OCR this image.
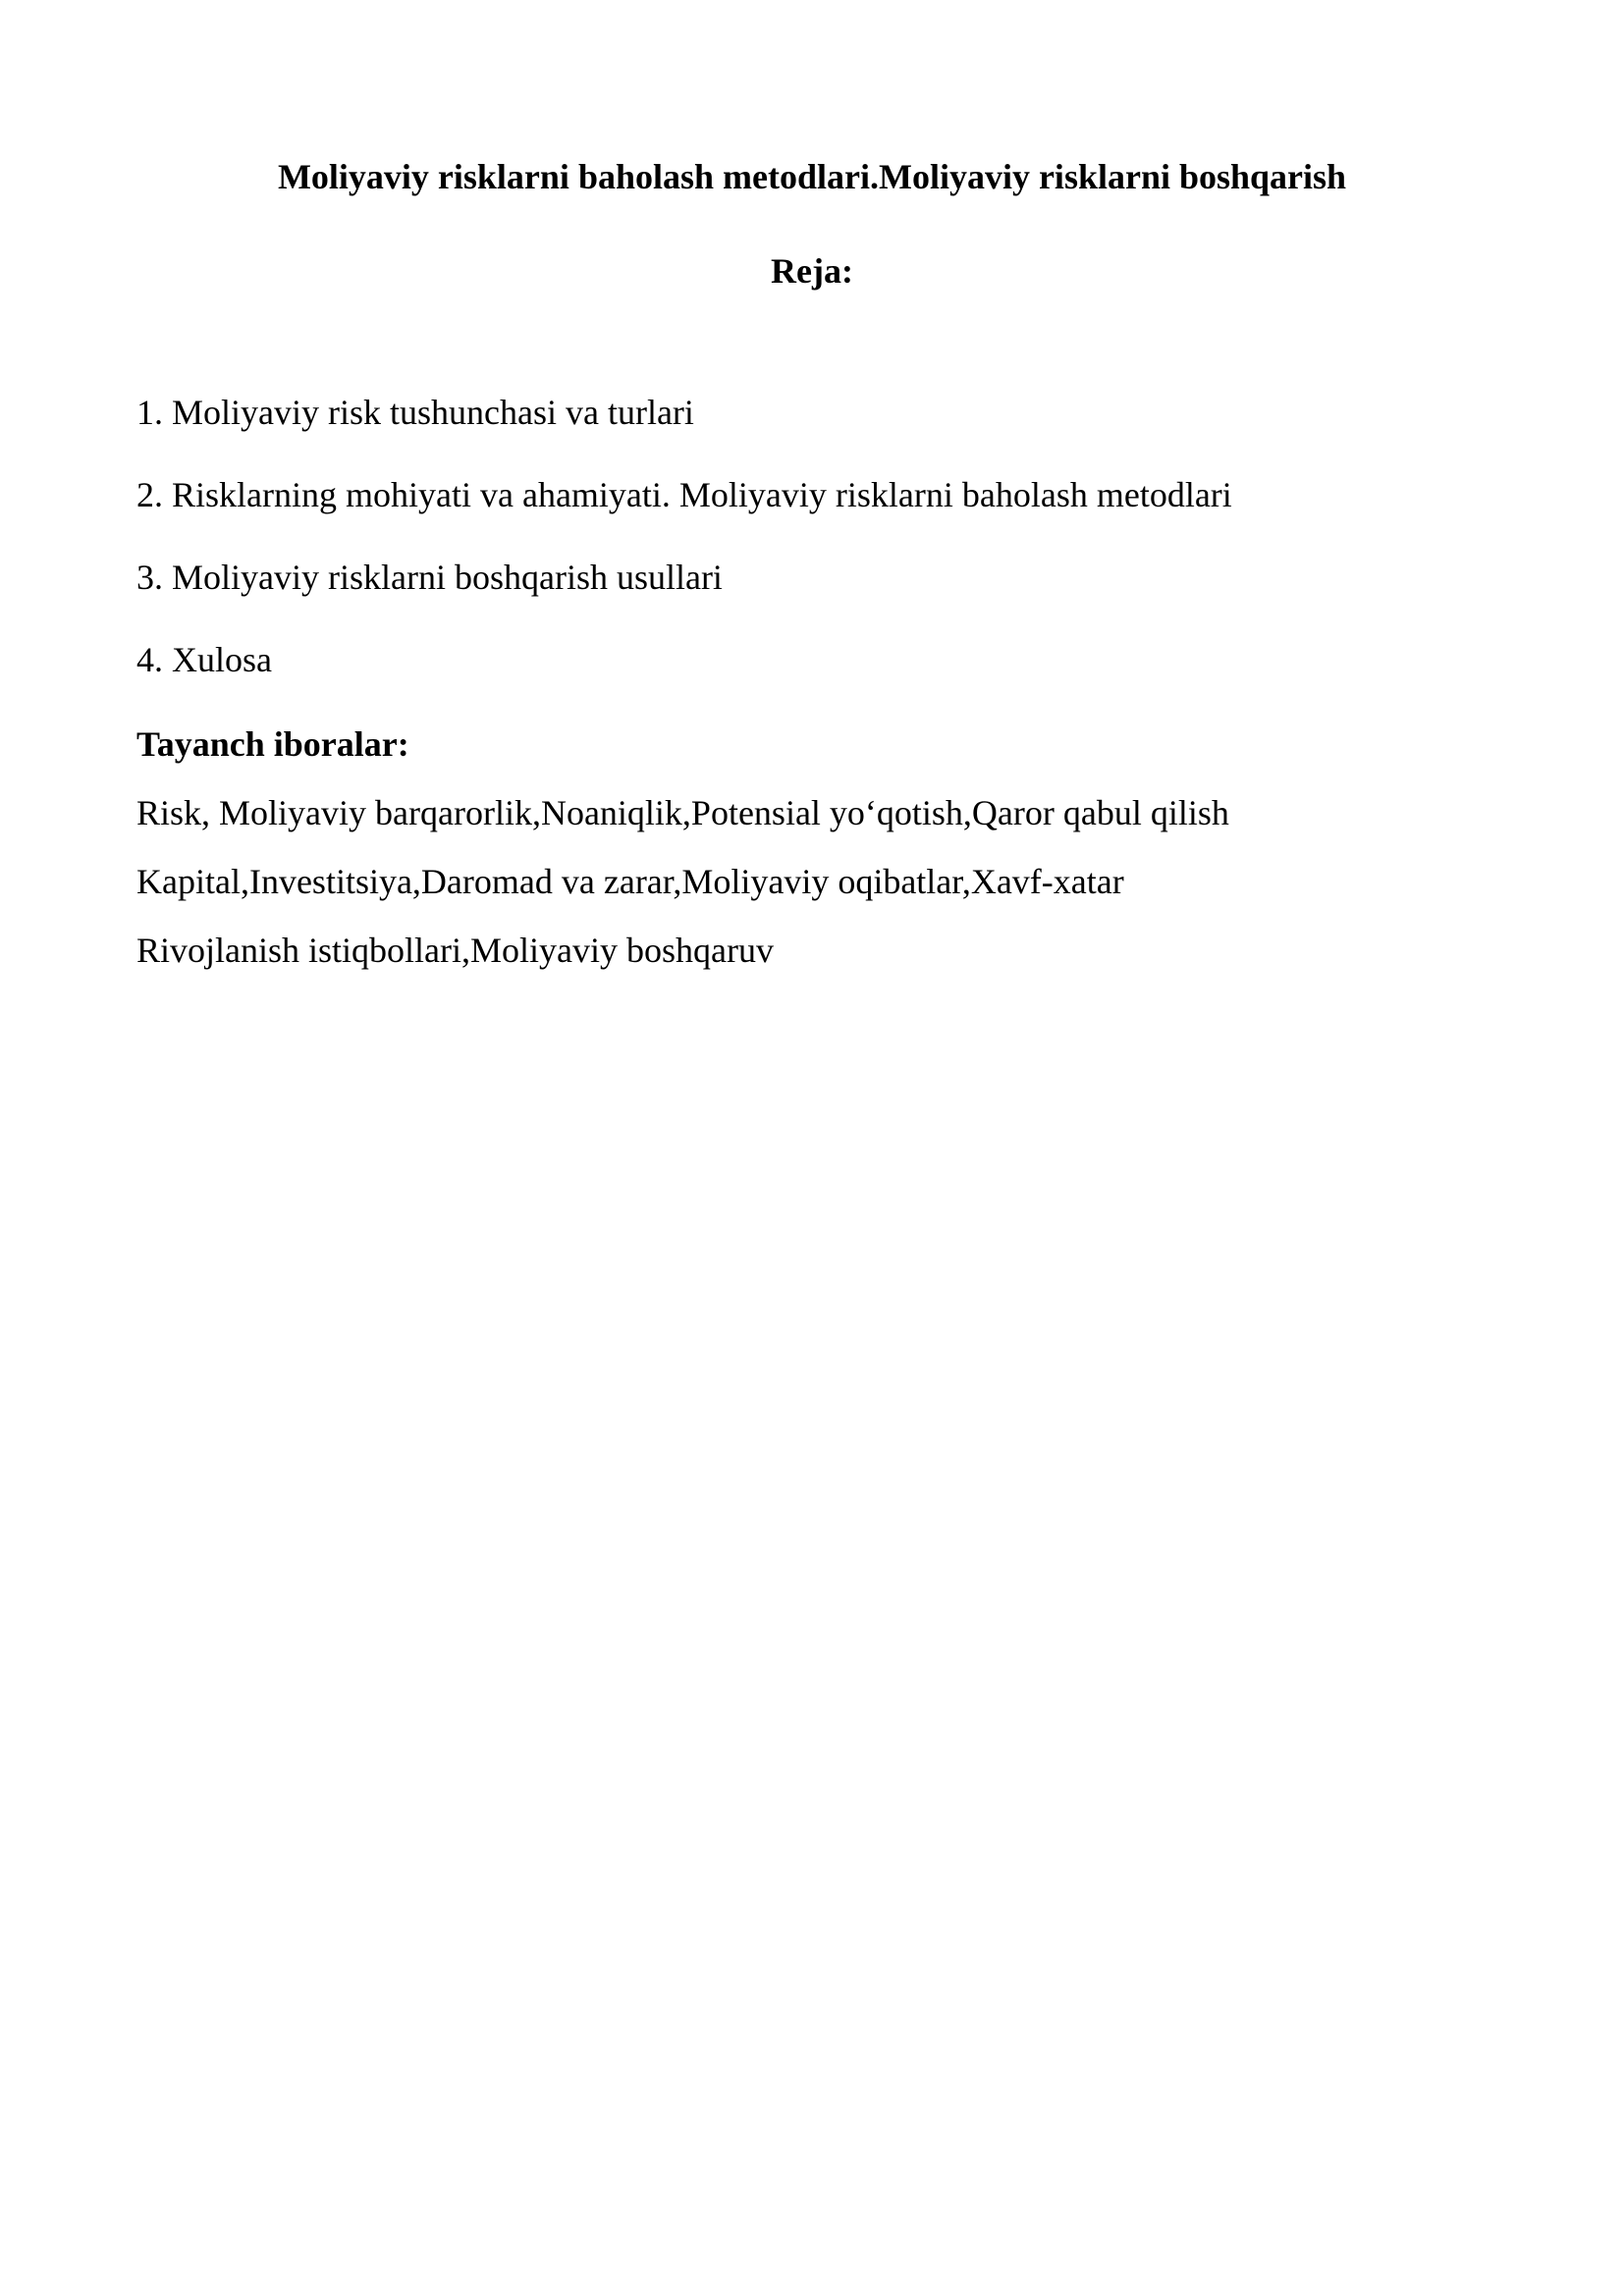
Moliyaviy risklarni baholash metodlari.Moliyaviy risklarni boshqarish
Reja:
1. Moliyaviy risk tushunchasi va turlari
2. Risklarning mohiyati va ahamiyati. Moliyaviy risklarni baholash metodlari
3. Moliyaviy risklarni boshqarish usullari
4. Xulosa
Tayanch iboralar:

Risk, Moliyaviy barqarorlik,Noaniqlik,Potensial yo‘qotish,Qaror qabul qilish

Kapital,Investitsiya,Daromad va zarar,Moliyaviy oqibatlar,Xavf-xatar

Rivojlanish istiqbollari,Moliyaviy boshqaruv
